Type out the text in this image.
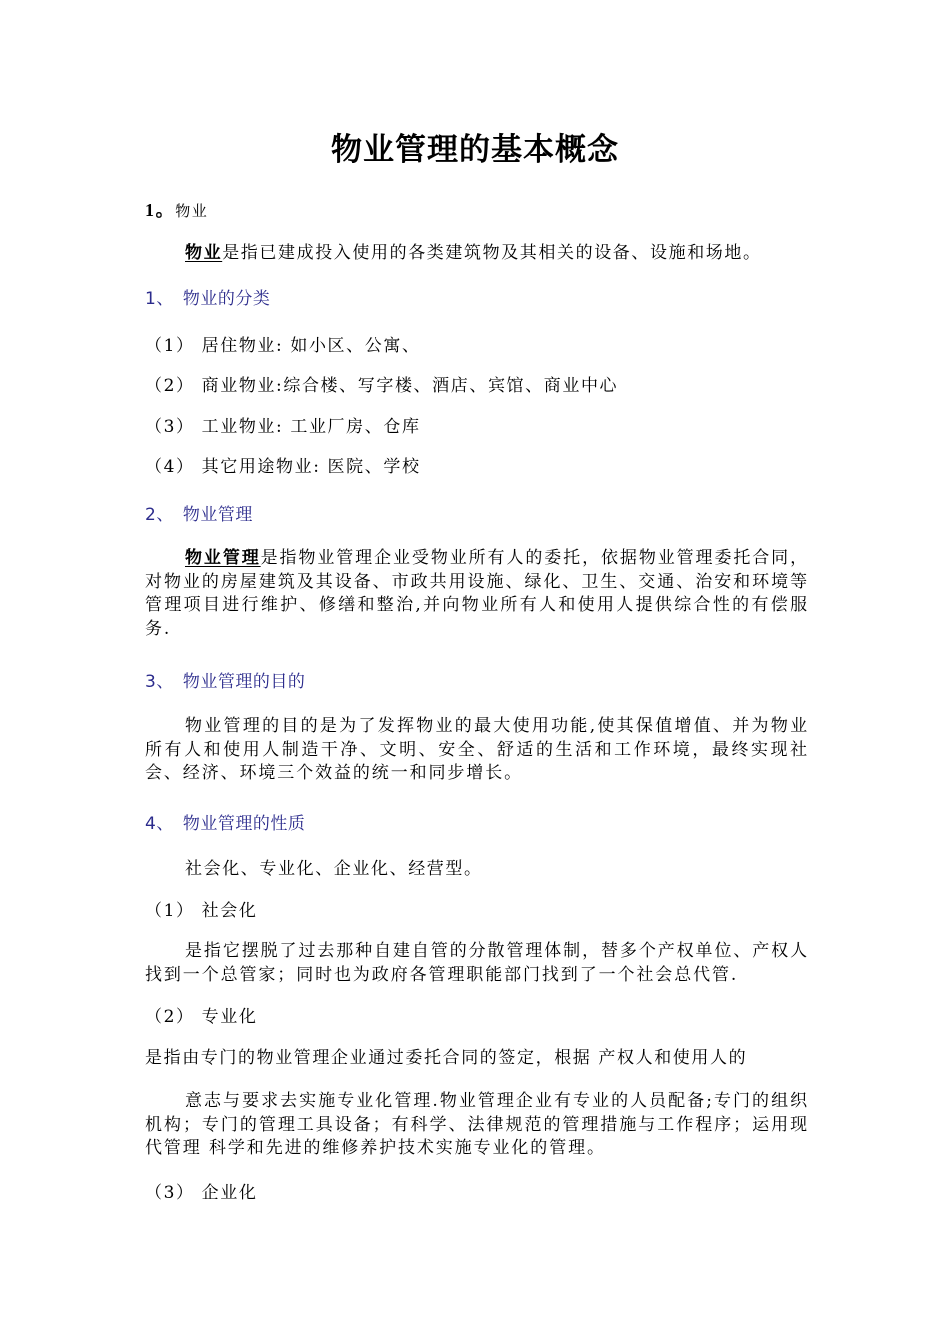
物业管理的基本概念
1。物业
物业是指已建成投入使用的各类建筑物及其相关的设备、设施和场地。
1、　物业的分类
（1） 居住物业: 如小区、公寓、
（2） 商业物业:综合楼、写字楼、酒店、宾馆、商业中心
（3） 工业物业: 工业厂房、仓库
（4） 其它用途物业: 医院、学校
2、　物业管理
物业管理是指物业管理企业受物业所有人的委托，依据物业管理委托合同，对物业的房屋建筑及其设备、市政共用设施、绿化、卫生、交通、治安和环境等管理项目进行维护、修缮和整治,并向物业所有人和使用人提供综合性的有偿服务.
3、　物业管理的目的
物业管理的目的是为了发挥物业的最大使用功能,使其保值增值、并为物业所有人和使用人制造干净、文明、安全、舒适的生活和工作环境，最终实现社会、经济、环境三个效益的统一和同步增长。
4、　物业管理的性质
社会化、专业化、企业化、经营型。
（1） 社会化
是指它摆脱了过去那种自建自管的分散管理体制，替多个产权单位、产权人找到一个总管家；同时也为政府各管理职能部门找到了一个社会总代管.
（2） 专业化
是指由专门的物业管理企业通过委托合同的签定，根据 产权人和使用人的
意志与要求去实施专业化管理.物业管理企业有专业的人员配备;专门的组织机构；专门的管理工具设备；有科学、法律规范的管理措施与工作程序；运用现代管理 科学和先进的维修养护技术实施专业化的管理。
（3） 企业化
